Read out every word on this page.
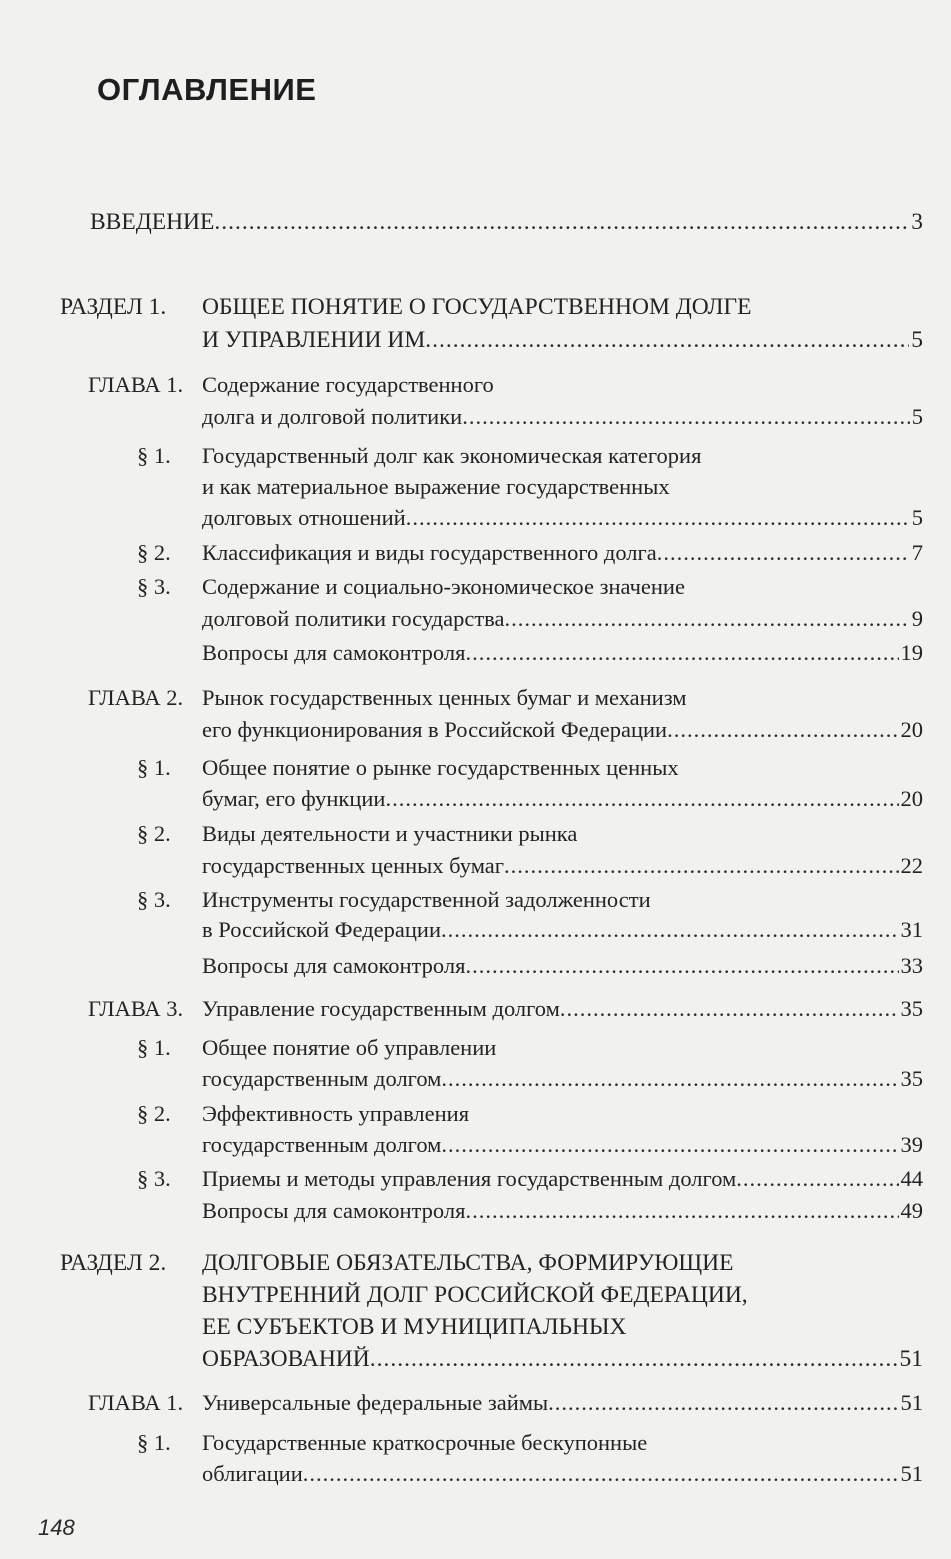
ОГЛАВЛЕНИЕ
ВВЕДЕНИЕ .....	3
РАЗДЕЛ 1. ОБЩЕЕ ПОНЯТИЕ О ГОСУДАРСТВЕННОМ ДОЛГЕ
И УПРАВЛЕНИИ ИМ .....	5
ГЛАВА 1. Содержание государственного
долга и долговой политики .....	5
§ 1. Государственный долг как экономическая категория
и как материальное выражение государственных
долговых отношений .....	5
§ 2. Классификация и виды государственного долга .....	7
§ 3. Содержание и социально-экономическое значение
долговой политики государства .....	9
Вопросы для самоконтроля .....	19
ГЛАВА 2. Рынок государственных ценных бумаг и механизм
его функционирования в Российской Федерации .....	20
§ 1. Общее понятие о рынке государственных ценных
бумаг, его функции .....	20
§ 2. Виды деятельности и участники рынка
государственных ценных бумаг .....	22
§ 3. Инструменты государственной задолженности
в Российской Федерации .....	31
Вопросы для самоконтроля .....	33
ГЛАВА 3. Управление государственным долгом .....	35
§ 1. Общее понятие об управлении
государственным долгом .....	35
§ 2. Эффективность управления
государственным долгом .....	39
§ 3. Приемы и методы управления государственным долгом .....	44
Вопросы для самоконтроля .....	49
РАЗДЕЛ 2. ДОЛГОВЫЕ ОБЯЗАТЕЛЬСТВА, ФОРМИРУЮЩИЕ
ВНУТРЕННИЙ ДОЛГ РОССИЙСКОЙ ФЕДЕРАЦИИ,
ЕЕ СУБЪЕКТОВ И МУНИЦИПАЛЬНЫХ
ОБРАЗОВАНИЙ .....	51
ГЛАВА 1. Универсальные федеральные займы .....	51
§ 1. Государственные краткосрочные бескупонные
облигации .....	51
148
